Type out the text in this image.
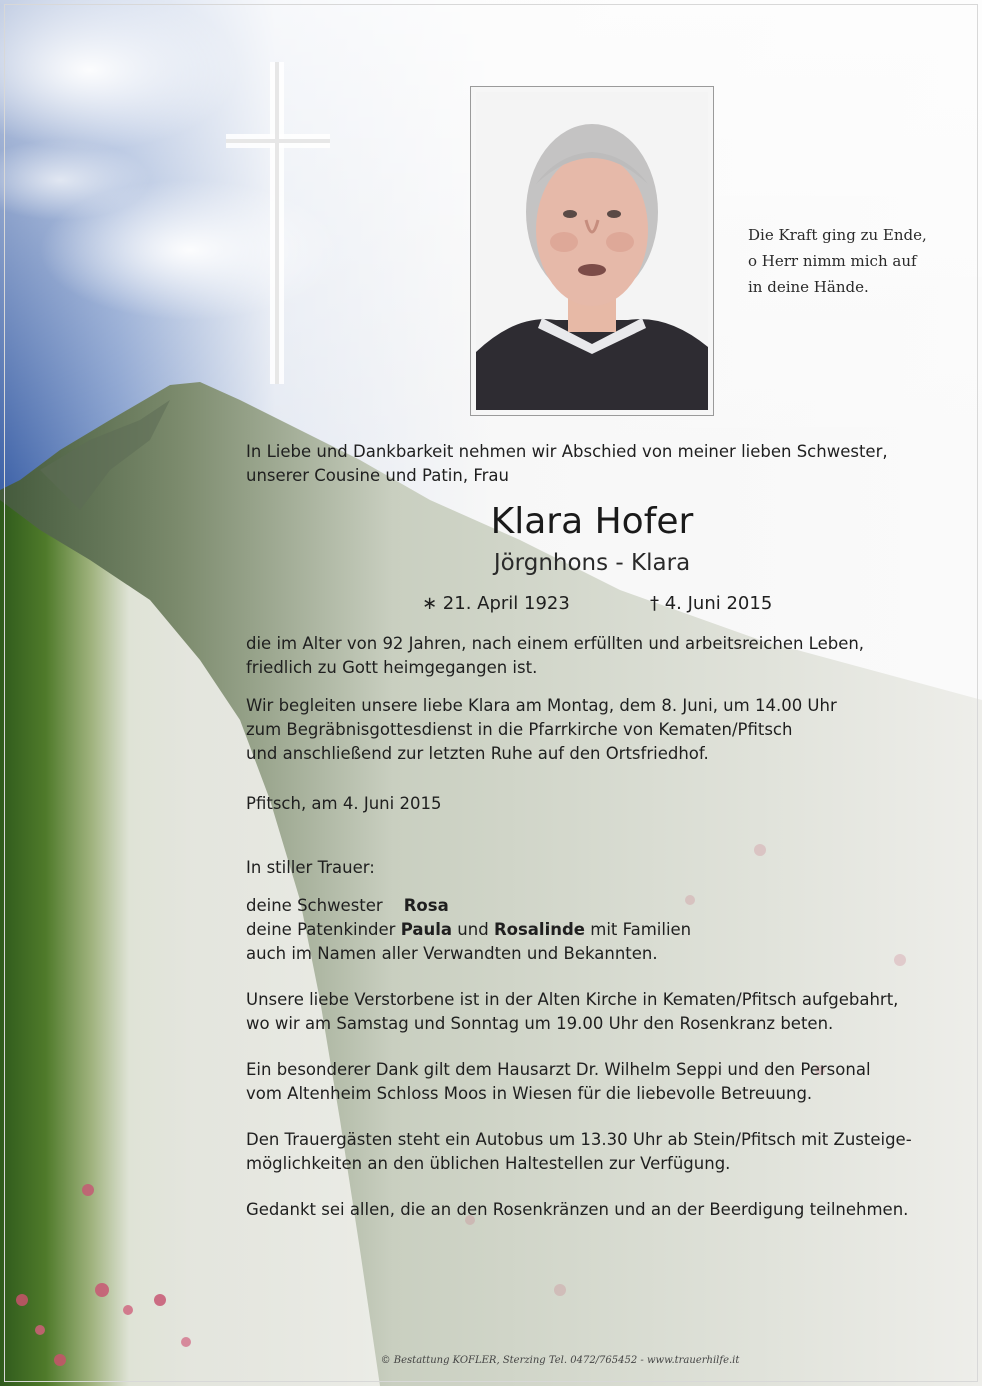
Die Kraft ging zu Ende,
o Herr nimm mich auf
in deine Hände.
In Liebe und Dankbarkeit nehmen wir Abschied von meiner lieben Schwester,
unserer Cousine und Patin, Frau
Klara Hofer
Jörgnhons - Klara
∗ 21. April 1923	† 4. Juni 2015
die im Alter von 92 Jahren, nach einem erfüllten und arbeitsreichen Leben,
friedlich zu Gott heimgegangen ist.
Wir begleiten unsere liebe Klara am Montag, dem 8. Juni, um 14.00 Uhr
zum Begräbnisgottesdienst in die Pfarrkirche von Kematen/Pfitsch
und anschließend zur letzten Ruhe auf den Ortsfriedhof.
Pfitsch, am 4. Juni 2015
In stiller Trauer:
deine Schwester Rosa
deine Patenkinder Paula und Rosalinde mit Familien
auch im Namen aller Verwandten und Bekannten.
Unsere liebe Verstorbene ist in der Alten Kirche in Kematen/Pfitsch aufgebahrt,
wo wir am Samstag und Sonntag um 19.00 Uhr den Rosenkranz beten.
Ein besonderer Dank gilt dem Hausarzt Dr. Wilhelm Seppi und den Personal
vom Altenheim Schloss Moos in Wiesen für die liebevolle Betreuung.
Den Trauergästen steht ein Autobus um 13.30 Uhr ab Stein/Pfitsch mit Zusteige-
möglichkeiten an den üblichen Haltestellen zur Verfügung.
Gedankt sei allen, die an den Rosenkränzen und an der Beerdigung teilnehmen.
© Bestattung KOFLER, Sterzing Tel. 0472/765452 - www.trauerhilfe.it
